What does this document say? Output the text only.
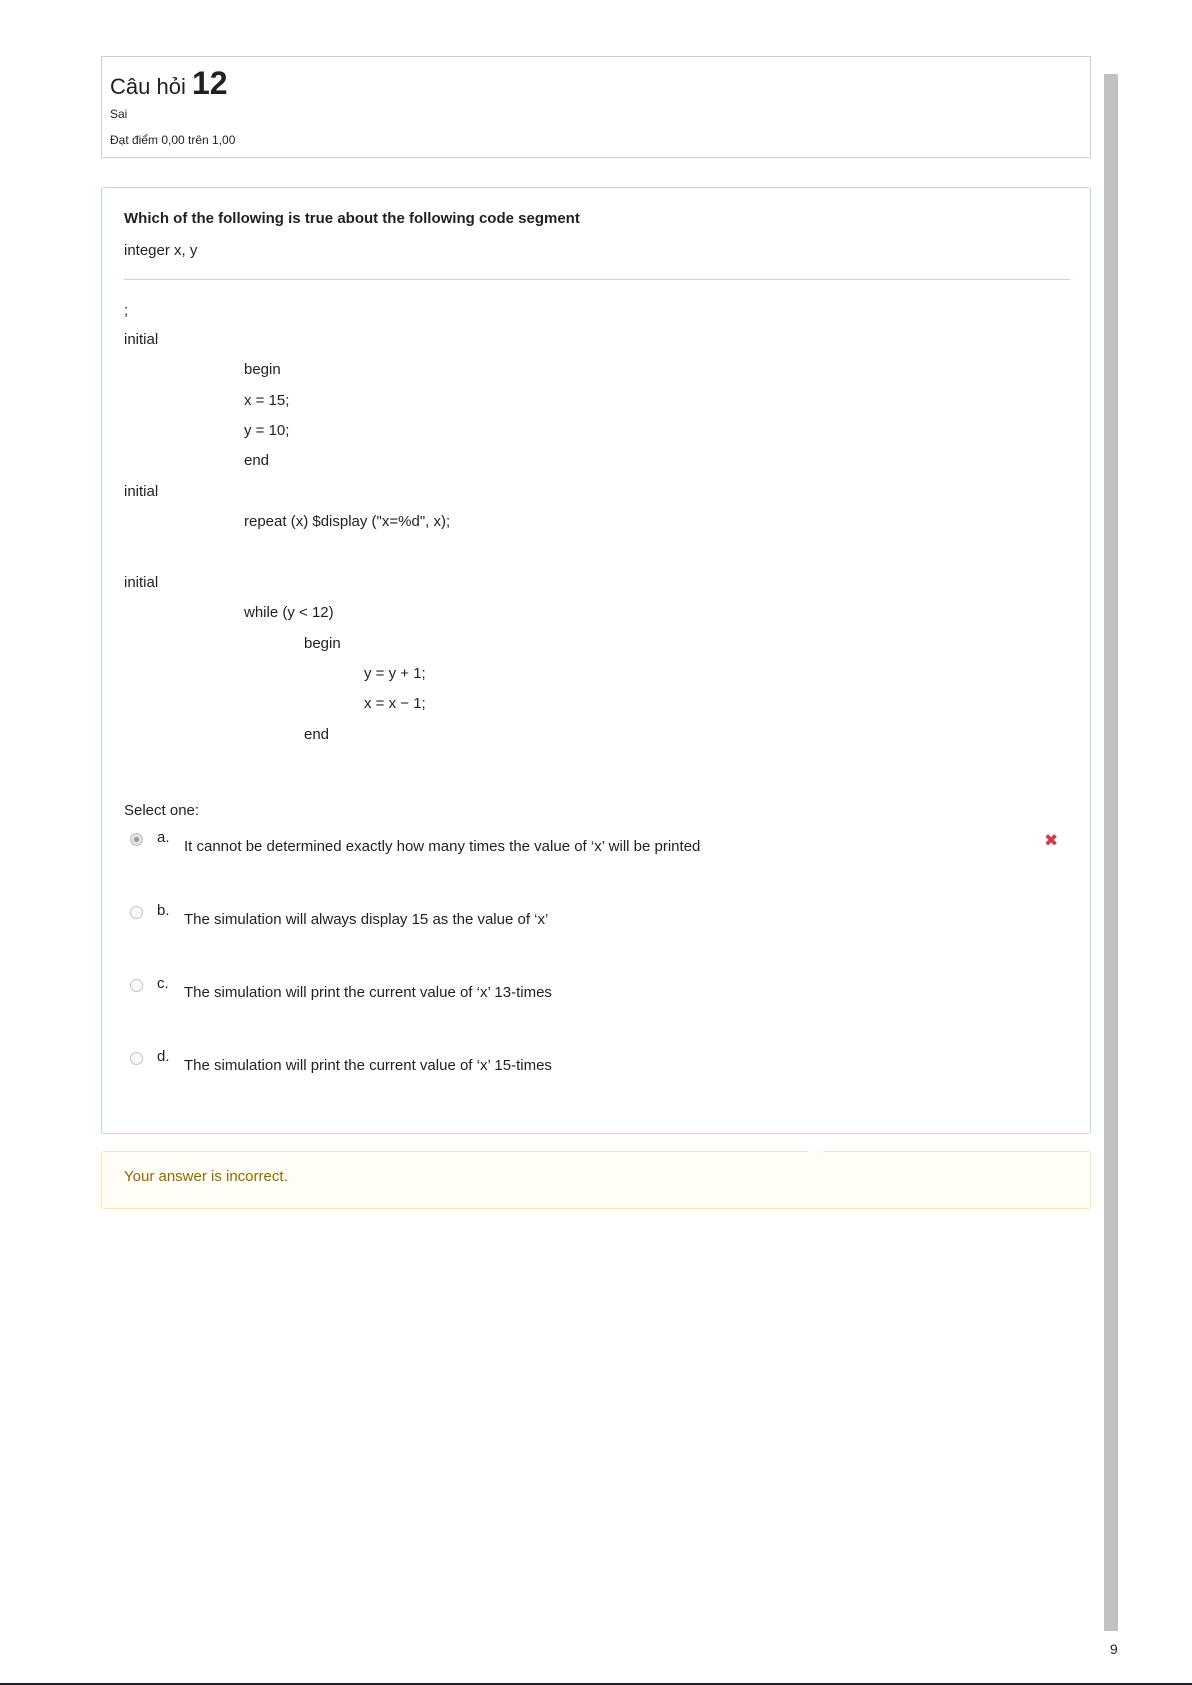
Câu hỏi 12
Sai
Đạt điểm 0,00 trên 1,00
Which of the following is true about the following code segment
integer x, y
;
initial
begin
x = 15;
y = 10;
end
initial
repeat (x) $display ("x=%d", x);
initial
while (y < 12)
begin
y = y + 1;
x = x − 1;
end
Select one:
a.
It cannot be determined exactly how many times the value of ‘x’ will be printed	✖
b.
The simulation will always display 15 as the value of ‘x’
c.
The simulation will print the current value of ‘x’ 13-times
d.
The simulation will print the current value of ‘x’ 15-times
Your answer is incorrect.
9
